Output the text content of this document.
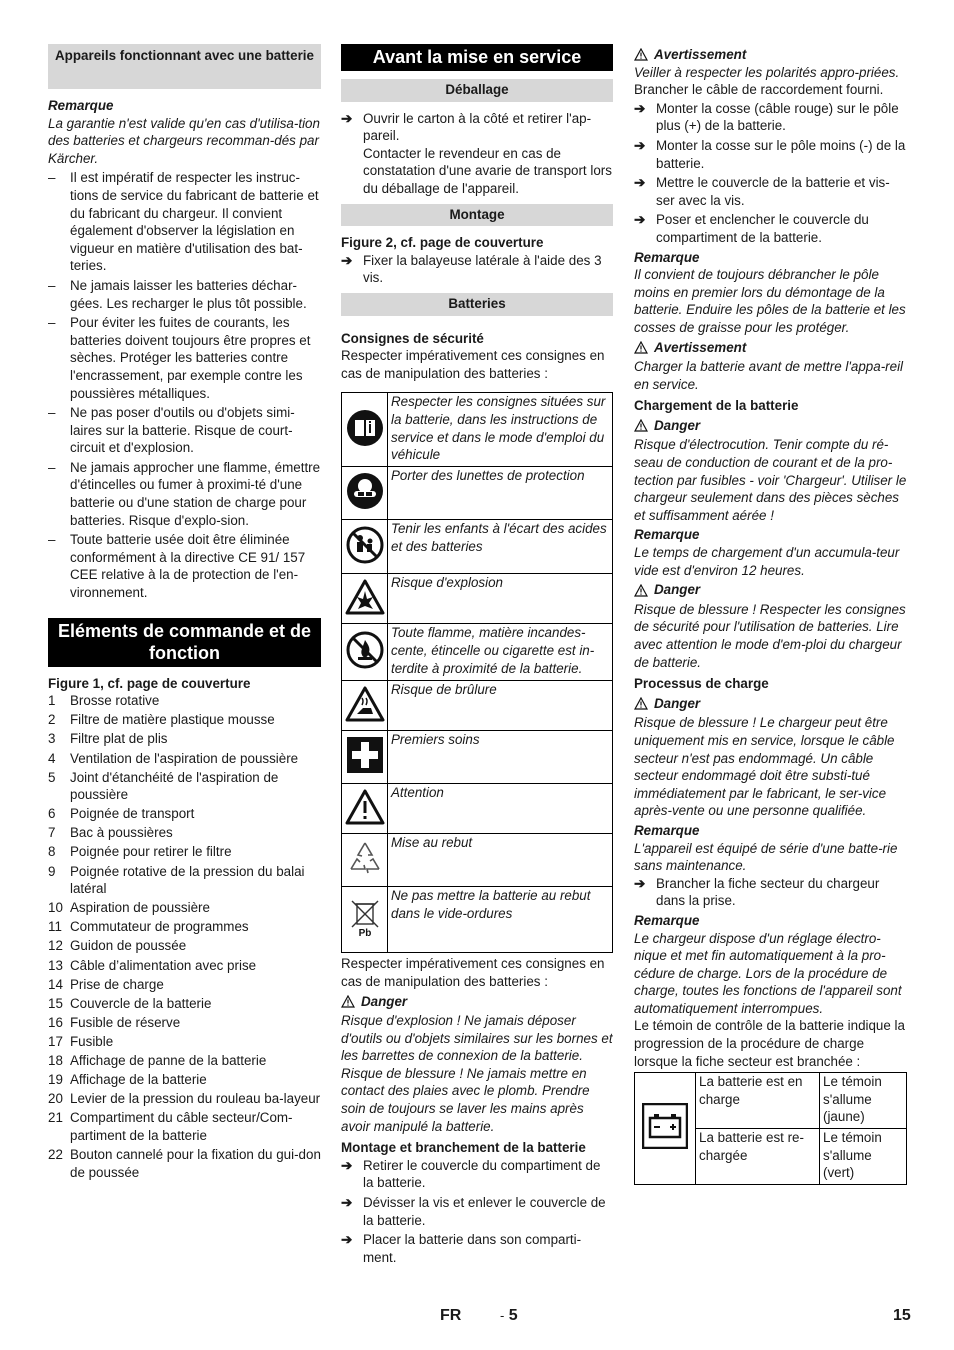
Appareils fonctionnant avec une batterie
Remarque

La garantie n'est valide qu'en cas d'utilisa-tion des batteries et chargeurs recomman-dés par Kärcher.

–	Il est impératif de respecter les instruc-tions de service du fabricant de batterie et du fabricant du chargeur. Il convient également d'observer la législation en vigueur en matière d'utilisation des bat-teries.
–	Ne jamais laisser les batteries déchar-gées. Les recharger le plus tôt possible.
–	Pour éviter les fuites de courants, les batteries doivent toujours être propres et sèches. Protéger les batteries contre l'encrassement, par exemple contre les poussières métalliques.
–	Ne pas poser d'outils ou d'objets simi-laires sur la batterie. Risque de court-circuit et d'explosion.
–	Ne jamais approcher une flamme, émettre d'étincelles ou fumer à proximi-té d'une batterie ou d'une station de charge pour batteries. Risque d'explo-sion.
–	Toute batterie usée doit être éliminée conformément à la directive CE 91/ 157 CEE relative à la de protection de l'en-vironnement.
Eléments de commande et de fonction
Figure 1, cf. page de couverture
1	Brosse rotative
2	Filtre de matière plastique mousse
3	Filtre plat de plis
4	Ventilation de l'aspiration de poussière
5	Joint d'étanchéité de l'aspiration de poussière
6	Poignée de transport
7	Bac à poussières
8	Poignée pour retirer le filtre
9	Poignée rotative de la pression du balai latéral
10 Aspiration de poussière
11 Commutateur de programmes
12 Guidon de poussée
13 Câble d’alimentation avec prise
14 Prise de charge
15 Couvercle de la batterie
16 Fusible de réserve
17 Fusible
18 Affichage de panne de la batterie
19 Affichage de la batterie
20 Levier de la pression du rouleau ba-layeur
21 Compartiment du câble secteur/Com-partiment de la batterie
22 Bouton cannelé pour la fixation du gui-don de poussée
Avant la mise en service
Déballage
➔ Ouvrir le carton à la côté et retirer l'ap-pareil.
Contacter le revendeur en cas de constatation d'une avarie de transport lors du déballage de l'appareil.
Montage
Figure 2, cf. page de couverture
➔ Fixer la balayeuse latérale à l'aide des 3 vis.
Batteries
Consignes de sécurité

Respecter impérativement ces consignes en cas de manipulation des batteries :

	Respecter les consignes situées sur la batterie, dans les instructions de service et dans le mode d'emploi du véhicule
	Porter des lunettes de protection
	Tenir les enfants à l'écart des acides et des batteries
	Risque d'explosion
	Toute flamme, matière incandes-cente, étincelle ou cigarette est in-terdite à proximité de la batterie.
	Risque de brûlure
	Premiers soins
	Attention
	Mise au rebut

Pb	Ne pas mettre la batterie au rebut dans le vide-ordures

Respecter impérativement ces consignes en cas de manipulation des batteries :

Danger

Risque d'explosion ! Ne jamais déposer d'outils ou d'objets similaires sur les bornes et les barrettes de connexion de la batterie. Risque de blessure ! Ne jamais mettre en contact des plaies avec le plomb. Prendre soin de toujours se laver les mains après avoir manipulé la batterie.

Montage et branchement de la batterie
➔ Retirer le couvercle du compartiment de la batterie.
➔ Dévisser la vis et enlever le couvercle de la batterie.
➔ Placer la batterie dans son comparti-ment.
Avertissement

Veiller à respecter les polarités appro-priées.

Brancher le câble de raccordement fourni.

➔ Monter la cosse (câble rouge) sur le pôle plus (+) de la batterie.
➔ Monter la cosse sur le pôle moins (-) de la batterie.
➔ Mettre le couvercle de la batterie et vis-ser avec la vis.
➔ Poser et enclencher le couvercle du compartiment de la batterie.
Remarque

Il convient de toujours débrancher le pôle moins en premier lors du démontage de la batterie. Enduire les pôles de la batterie et les cosses de graisse pour les protéger.

Avertissement

Charger la batterie avant de mettre l'appa-reil en service.

Chargement de la batterie
Danger

Risque d'électrocution. Tenir compte du ré-seau de conduction de courant et de la pro-tection par fusibles - voir 'Chargeur'. Utiliser le chargeur seulement dans des pièces sèches et suffisamment aérée !

Remarque

Le temps de chargement d'un accumula-teur vide est d'environ 12 heures.

Danger

Risque de blessure ! Respecter les consignes de sécurité pour l'utilisation de batteries. Lire avec attention le mode d'em-ploi du chargeur de batterie.

Processus de charge
Danger

Risque de blessure ! Le chargeur peut être uniquement mis en service, lorsque le câble secteur n'est pas endommagé. Un câble secteur endommagé doit être substi-tué immédiatement par le fabricant, le ser-vice après-vente ou une personne qualifiée.

Remarque

L'appareil est équipé de série d'une batte-rie sans maintenance.

➔ Brancher la fiche secteur du chargeur dans la prise.
Remarque

Le chargeur dispose d'un réglage électro-nique et met fin automatiquement à la pro-cédure de charge. Lors de la procédure de charge, toutes les fonctions de l'appareil sont automatiquement interrompues.

Le témoin de contrôle de la batterie indique la progression de la procédure de charge lorsque la fiche secteur est branchée :

	La batterie est en charge	Le témoin s'allume (jaune)
	La batterie est re-chargée	Le témoin s'allume (vert)
FR	- 5	15
